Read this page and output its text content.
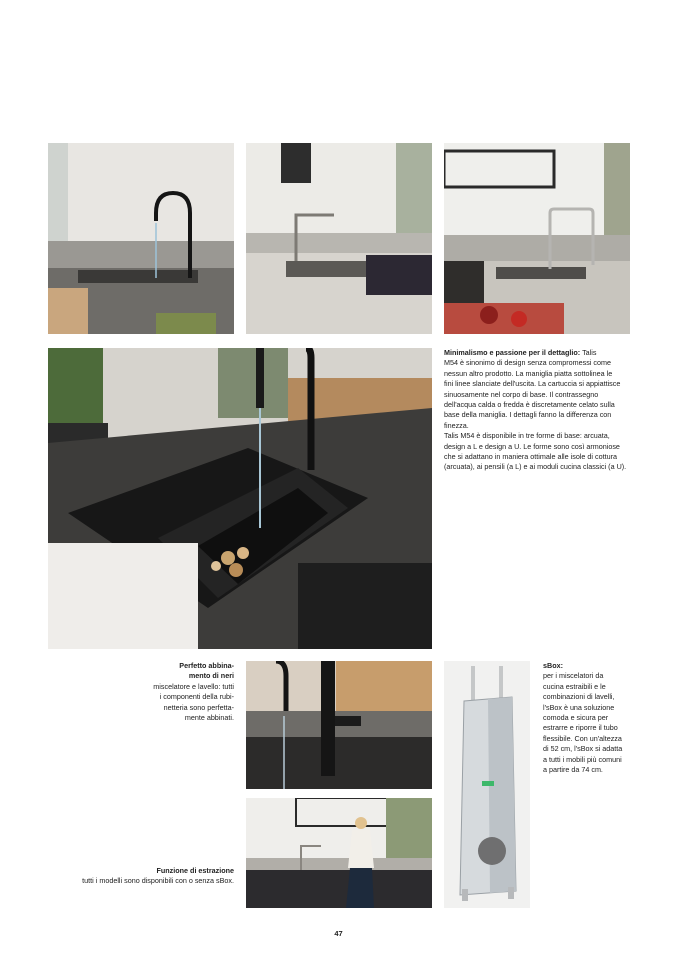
Minimalismo e passione per il dettaglio: Talis
M54 è sinonimo di design senza compromessi come
nessun altro prodotto. La maniglia piatta sottolinea le
fini linee slanciate dell'uscita. La cartuccia si appiattisce
sinuosamente nel corpo di base. Il contrassegno
dell'acqua calda o fredda è discretamente celato sulla
base della maniglia. I dettagli fanno la differenza con
finezza.
Talis M54 è disponibile in tre forme di base: arcuata,
design a L e design a U. Le forme sono così armoniose
che si adattano in maniera ottimale alle isole di cottura
(arcuata), ai pensili (a L) e ai moduli cucina classici (a U).
Perfetto abbina-
mento di neri
miscelatore e lavello: tutti
i componenti della rubi-
netteria sono perfetta-
mente abbinati.
Funzione di estrazione
tutti i modelli sono disponibili con o senza sBox.
sBox:
per i miscelatori da
cucina estraibili e le
combinazioni di lavelli,
l'sBox è una soluzione
comoda e sicura per
estrarre e riporre il tubo
flessibile. Con un'altezza
di 52 cm, l'sBox si adatta
a tutti i mobili più comuni
a partire da 74 cm.
47
